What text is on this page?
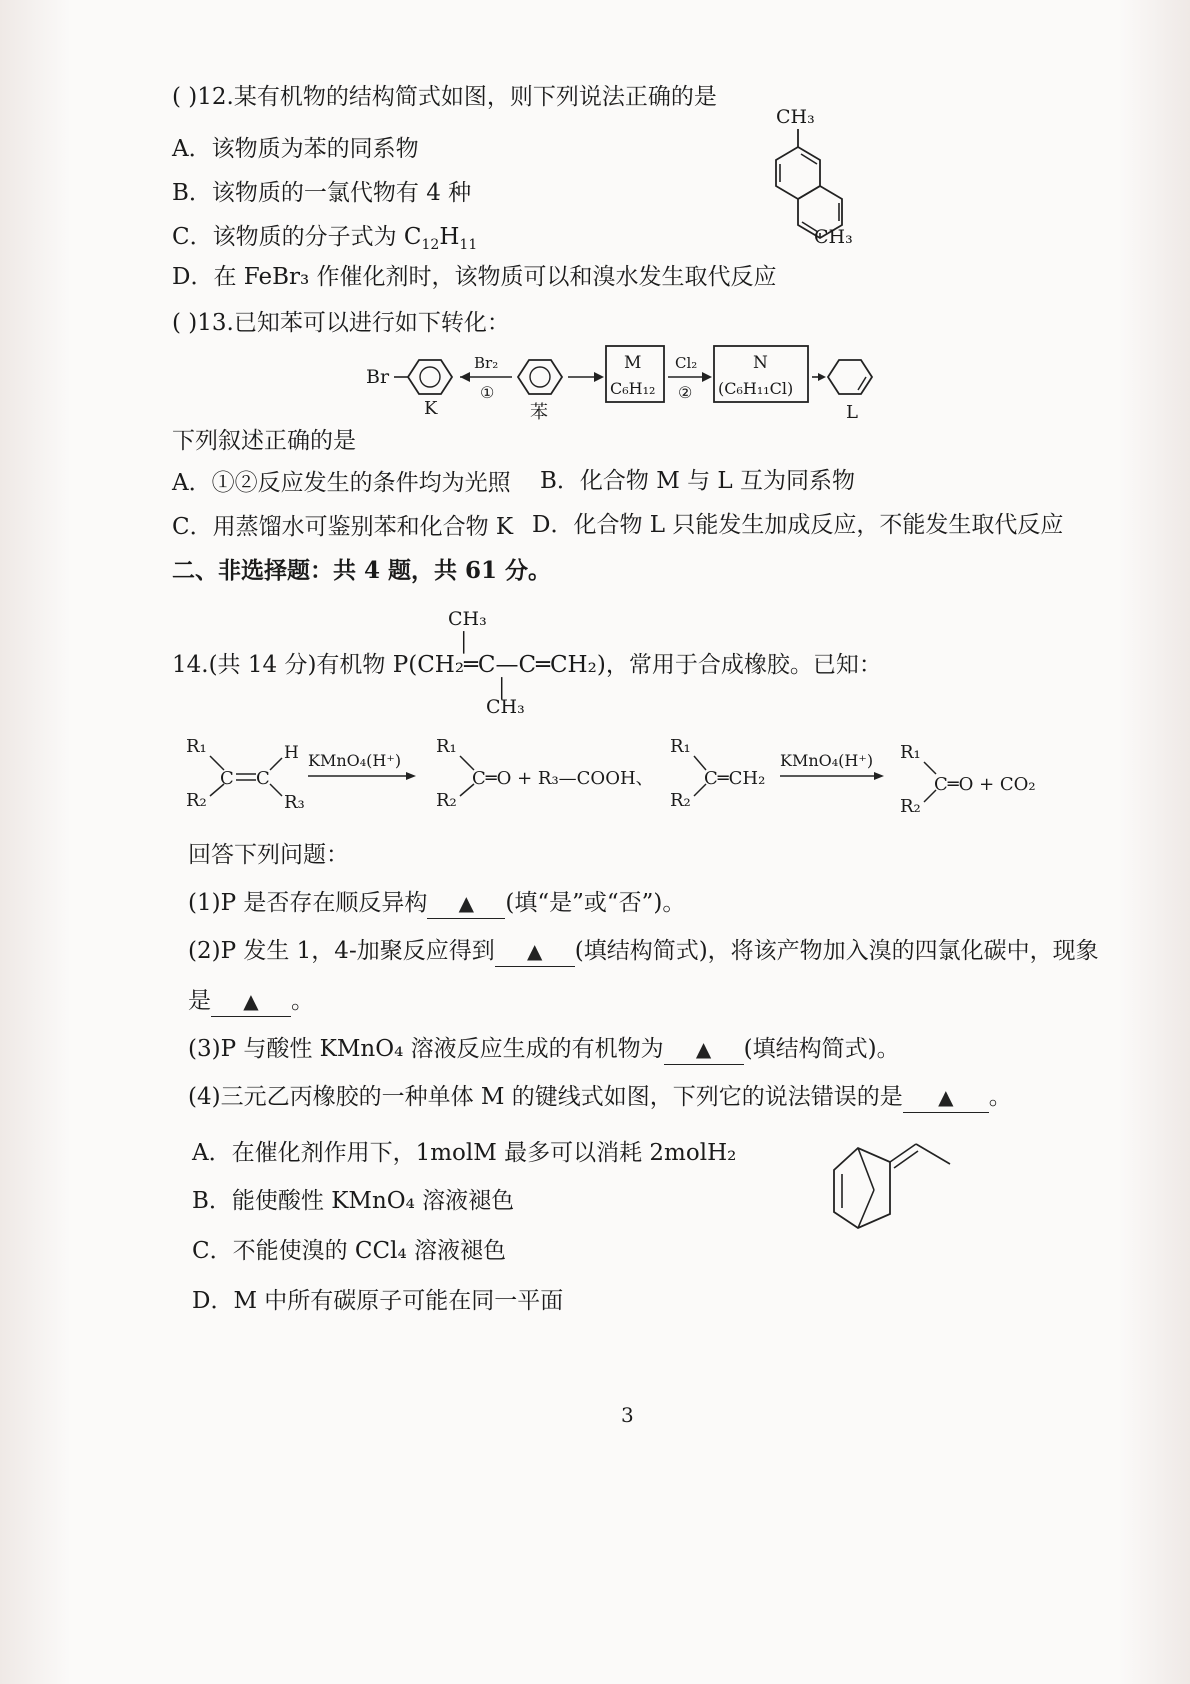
( )12.某有机物的结构简式如图，则下列说法正确的是
A．该物质为苯的同系物
B．该物质的一氯代物有 4 种
C．该物质的分子式为 $C_{12}H_{11}$
D．在 FeBr₃ 作催化剂时，该物质可以和溴水发生取代反应
CH₃
CH₃
( )13.已知苯可以进行如下转化：
Br
K
Br₂
①
苯
M
C₆H₁₂
Cl₂
②
N
(C₆H₁₁Cl)
L
下列叙述正确的是
A．①②反应发生的条件均为光照 B．化合物 M 与 L 互为同系物
C．用蒸馏水可鉴别苯和化合物 K D．化合物 L 只能发生加成反应，不能发生取代反应
二、非选择题：共 4 题，共 61 分。
14.(共 14 分)有机物 P(CH₂═C—C═CH₂)，常用于合成橡胶。已知：
CH₃
│
│
CH₃
R₁
R₂
C C
H
R₃
KMnO₄(H⁺)
R₁
R₂
C═O + R₃—COOH、
R₁
R₂
C═CH₂
KMnO₄(H⁺) R₁
R₂
C═O + CO₂
回答下列问题：
(1)P 是否存在顺反异构 ▲ (填“是”或“否”)。
(2)P 发生 1，4-加聚反应得到 ▲ (填结构简式)，将该产物加入溴的四氯化碳中，现象
是 ▲ 。
(3)P 与酸性 KMnO₄ 溶液反应生成的有机物为 ▲ (填结构简式)。
(4)三元乙丙橡胶的一种单体 M 的键线式如图，下列它的说法错误的是 ▲ 。
A．在催化剂作用下，1molM 最多可以消耗 2molH₂
B．能使酸性 KMnO₄ 溶液褪色
C．不能使溴的 CCl₄ 溶液褪色
D．M 中所有碳原子可能在同一平面
3
